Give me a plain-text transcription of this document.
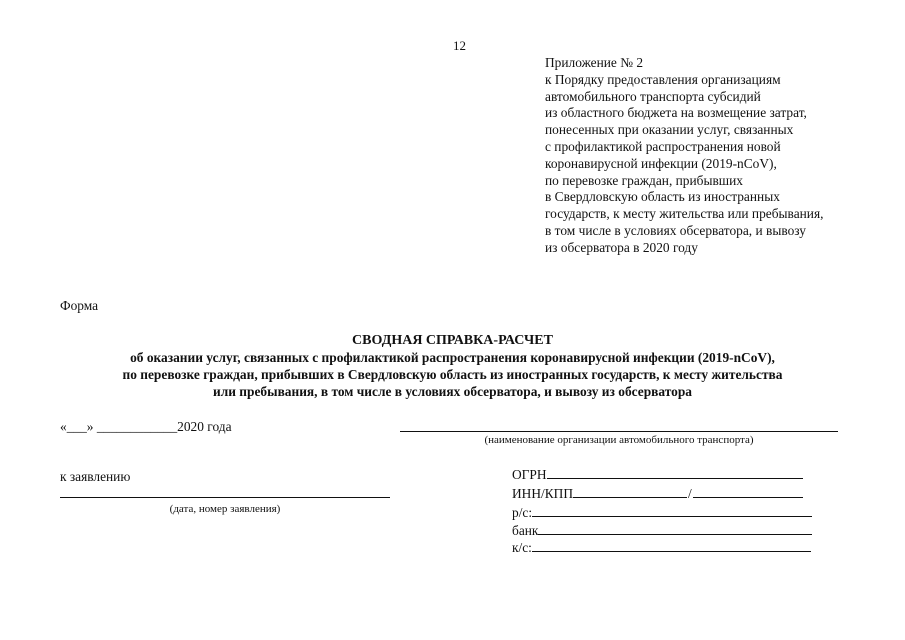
12
Приложение № 2
к Порядку предоставления организациям
автомобильного транспорта субсидий
из областного бюджета на возмещение затрат,
понесенных при оказании услуг, связанных
с профилактикой распространения новой
коронавирусной инфекции (2019-nCoV),
по перевозке граждан, прибывших
в Свердловскую область из иностранных
государств, к месту жительства или пребывания,
в том числе в условиях обсерватора, и вывозу
из обсерватора в 2020 году
Форма
СВОДНАЯ СПРАВКА-РАСЧЕТ
об оказании услуг, связанных с профилактикой распространения коронавирусной инфекции (2019-nCoV),
по перевозке граждан, прибывших в Свердловскую область из иностранных государств, к месту жительства
или пребывания, в том числе в условиях обсерватора, и вывозу из обсерватора
«___» ____________2020 года
(наименование организации автомобильного транспорта)
к заявлению
(дата, номер заявления)
ОГРН
ИНН/КПП	/
р/с:
банк
к/с:
